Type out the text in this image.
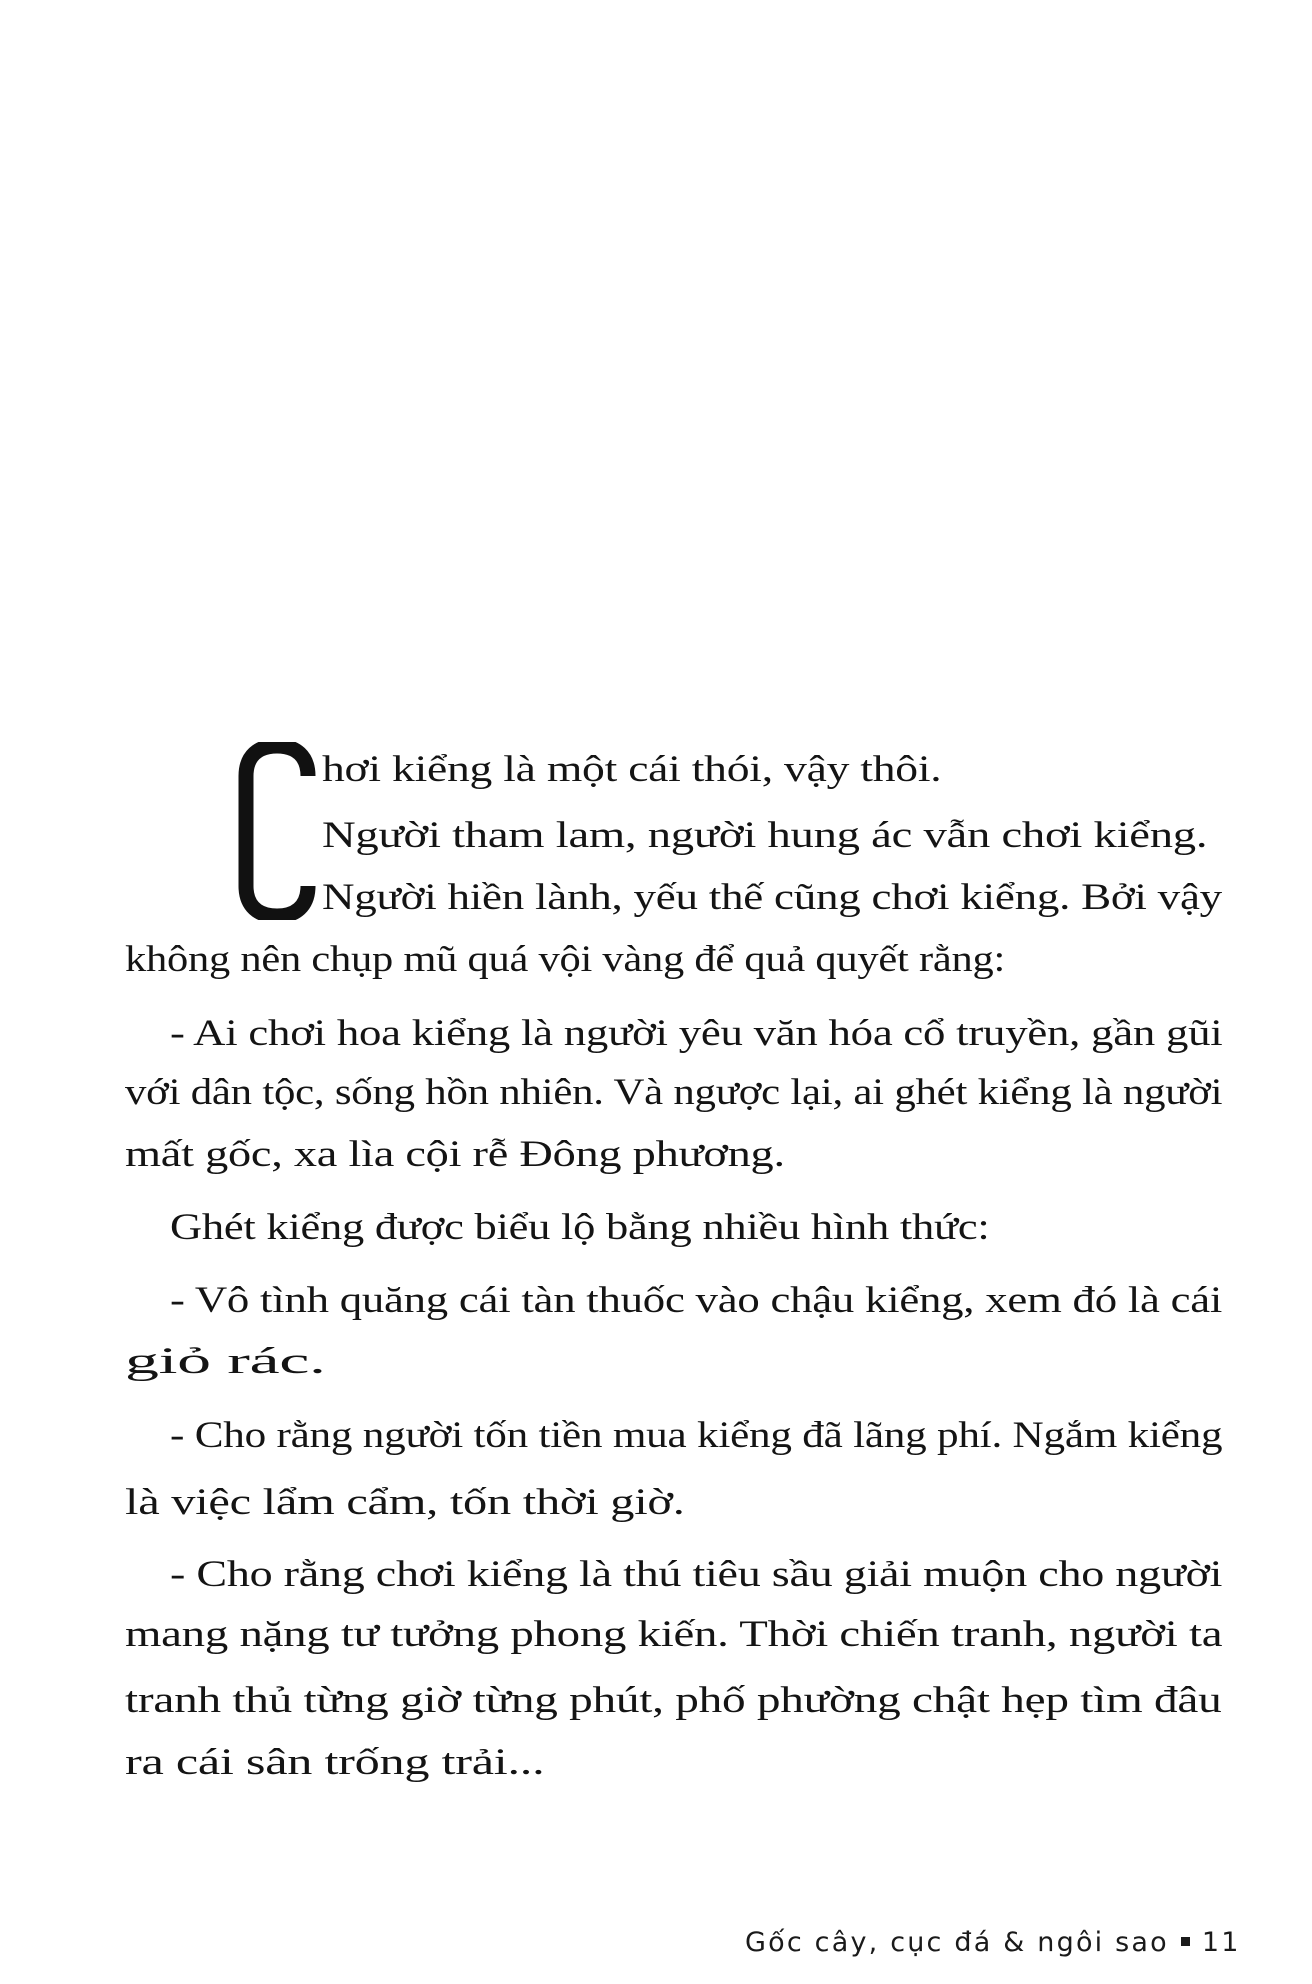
hơi kiểng là một cái thói, vậy thôi.
Người tham lam, người hung ác vẫn chơi kiểng.
Người hiền lành, yếu thế cũng chơi kiểng. Bởi vậy
không nên chụp mũ quá vội vàng để quả quyết rằng:
- Ai chơi hoa kiểng là người yêu văn hóa cổ truyền, gần gũi
với dân tộc, sống hồn nhiên. Và ngược lại, ai ghét kiểng là người
mất gốc, xa lìa cội rễ Đông phương.
Ghét kiểng được biểu lộ bằng nhiều hình thức:
- Vô tình quăng cái tàn thuốc vào chậu kiểng, xem đó là cái
giỏ rác.
- Cho rằng người tốn tiền mua kiểng đã lãng phí. Ngắm kiểng
là việc lẩm cẩm, tốn thời giờ.
- Cho rằng chơi kiểng là thú tiêu sầu giải muộn cho người
mang nặng tư tưởng phong kiến. Thời chiến tranh, người ta
tranh thủ từng giờ từng phút, phố phường chật hẹp tìm đâu
ra cái sân trống trải...
Gốc cây, cục đá & ngôi sao 11
